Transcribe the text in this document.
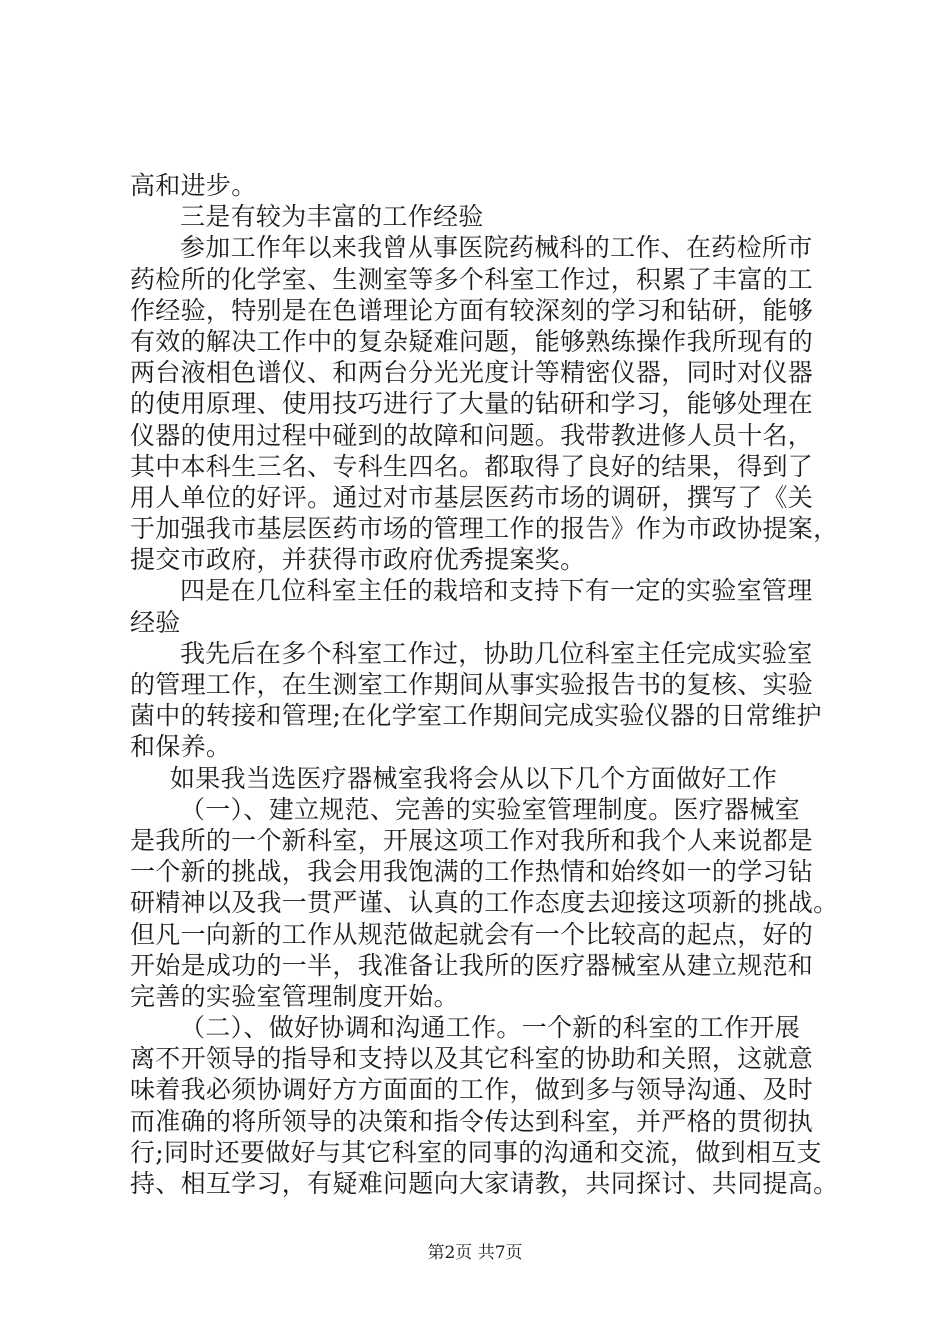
高和进步。
三是有较为丰富的工作经验
参加工作年以来我曾从事医院药械科的工作、在药检所市
药检所的化学室、生测室等多个科室工作过，积累了丰富的工
作经验，特别是在色谱理论方面有较深刻的学习和钻研，能够
有效的解决工作中的复杂疑难问题，能够熟练操作我所现有的
两台液相色谱仪、和两台分光光度计等精密仪器，同时对仪器
的使用原理、使用技巧进行了大量的钻研和学习，能够处理在
仪器的使用过程中碰到的故障和问题。我带教进修人员十名，
其中本科生三名、专科生四名。都取得了良好的结果，得到了
用人单位的好评。通过对市基层医药市场的调研，撰写了《关
于加强我市基层医药市场的管理工作的报告》作为市政协提案，
提交市政府，并获得市政府优秀提案奖。
四是在几位科室主任的栽培和支持下有一定的实验室管理
经验
我先后在多个科室工作过，协助几位科室主任完成实验室
的管理工作，在生测室工作期间从事实验报告书的复核、实验
菌中的转接和管理;在化学室工作期间完成实验仪器的日常维护
和保养。
如果我当选医疗器械室我将会从以下几个方面做好工作
（一）、建立规范、完善的实验室管理制度。医疗器械室
是我所的一个新科室，开展这项工作对我所和我个人来说都是
一个新的挑战，我会用我饱满的工作热情和始终如一的学习钻
研精神以及我一贯严谨、认真的工作态度去迎接这项新的挑战。
但凡一向新的工作从规范做起就会有一个比较高的起点，好的
开始是成功的一半，我准备让我所的医疗器械室从建立规范和
完善的实验室管理制度开始。
（二）、做好协调和沟通工作。一个新的科室的工作开展
离不开领导的指导和支持以及其它科室的协助和关照，这就意
味着我必须协调好方方面面的工作，做到多与领导沟通、及时
而准确的将所领导的决策和指令传达到科室，并严格的贯彻执
行;同时还要做好与其它科室的同事的沟通和交流，做到相互支
持、相互学习，有疑难问题向大家请教，共同探讨、共同提高。
第2页 共7页
